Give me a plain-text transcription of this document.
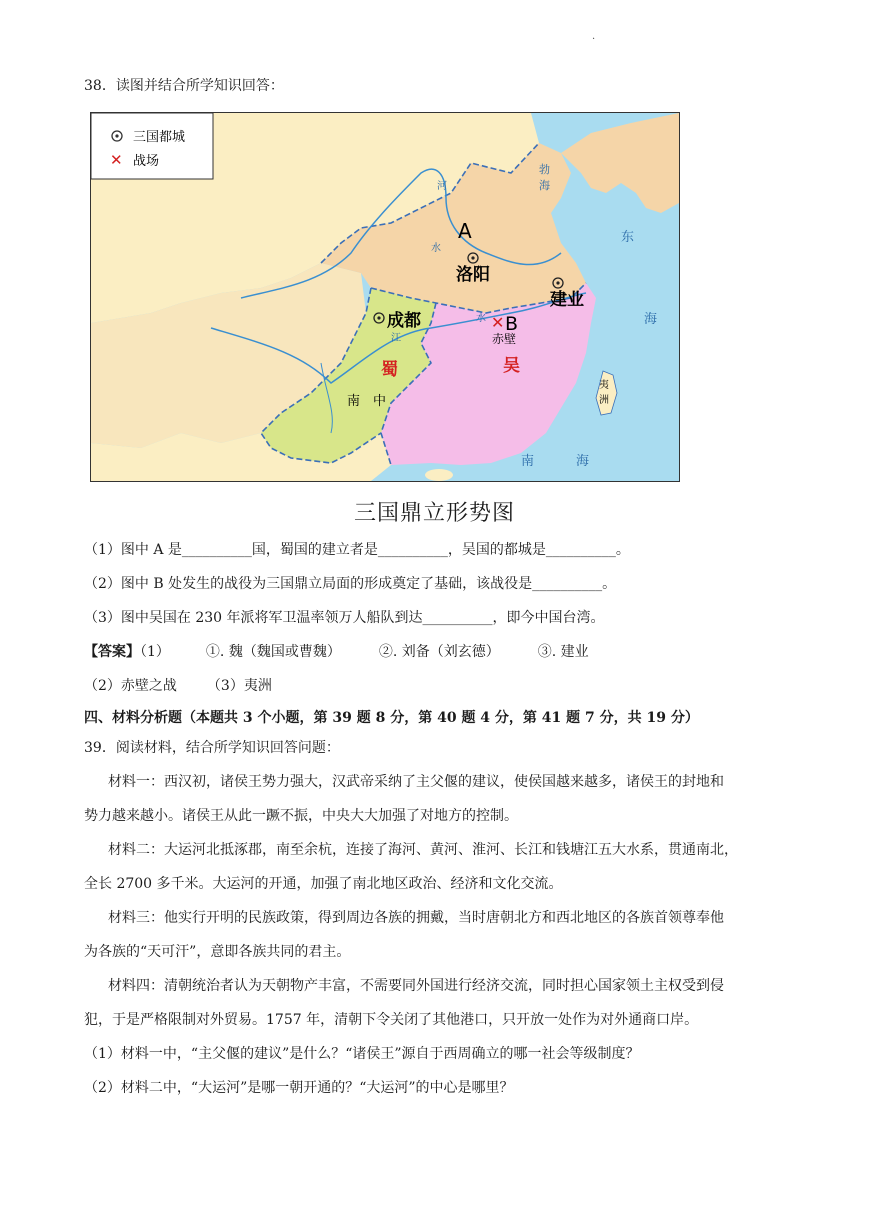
·
38．读图并结合所学知识回答：
三国都城
✕ 战场
✕
A
洛阳
建业
成都	B
赤壁
蜀	吴
南　中
夷
洲
勃
海
东
海
南	海
河
水
江
水
三国鼎立形势图
（1）图中 A 是__________国，蜀国的建立者是__________，吴国的都城是__________。
（2）图中 B 处发生的战役为三国鼎立局面的形成奠定了基础，该战役是__________。
（3）图中吴国在 230 年派将军卫温率领万人船队到达__________，即今中国台湾。
【答案】（1）	①. 魏（魏国或曹魏）	②. 刘备（刘玄德）	③. 建业
（2）赤壁之战 （3）夷洲
四、材料分析题（本题共 3 个小题，第 39 题 8 分，第 40 题 4 分，第 41 题 7 分，共 19 分）
39．阅读材料，结合所学知识回答问题：
材料一：西汉初，诸侯王势力强大，汉武帝采纳了主父偃的建议，使侯国越来越多，诸侯王的封地和
势力越来越小。诸侯王从此一蹶不振，中央大大加强了对地方的控制。
材料二：大运河北抵涿郡，南至余杭，连接了海河、黄河、淮河、长江和钱塘江五大水系，贯通南北，
全长 2700 多千米。大运河的开通，加强了南北地区政治、经济和文化交流。
材料三：他实行开明的民族政策，得到周边各族的拥戴，当时唐朝北方和西北地区的各族首领尊奉他
为各族的“天可汗”，意即各族共同的君主。
材料四：清朝统治者认为天朝物产丰富，不需要同外国进行经济交流，同时担心国家领土主权受到侵
犯，于是严格限制对外贸易。1757 年，清朝下令关闭了其他港口，只开放一处作为对外通商口岸。
（1）材料一中，“主父偃的建议”是什么？“诸侯王”源自于西周确立的哪一社会等级制度？
（2）材料二中，“大运河”是哪一朝开通的？“大运河”的中心是哪里？
